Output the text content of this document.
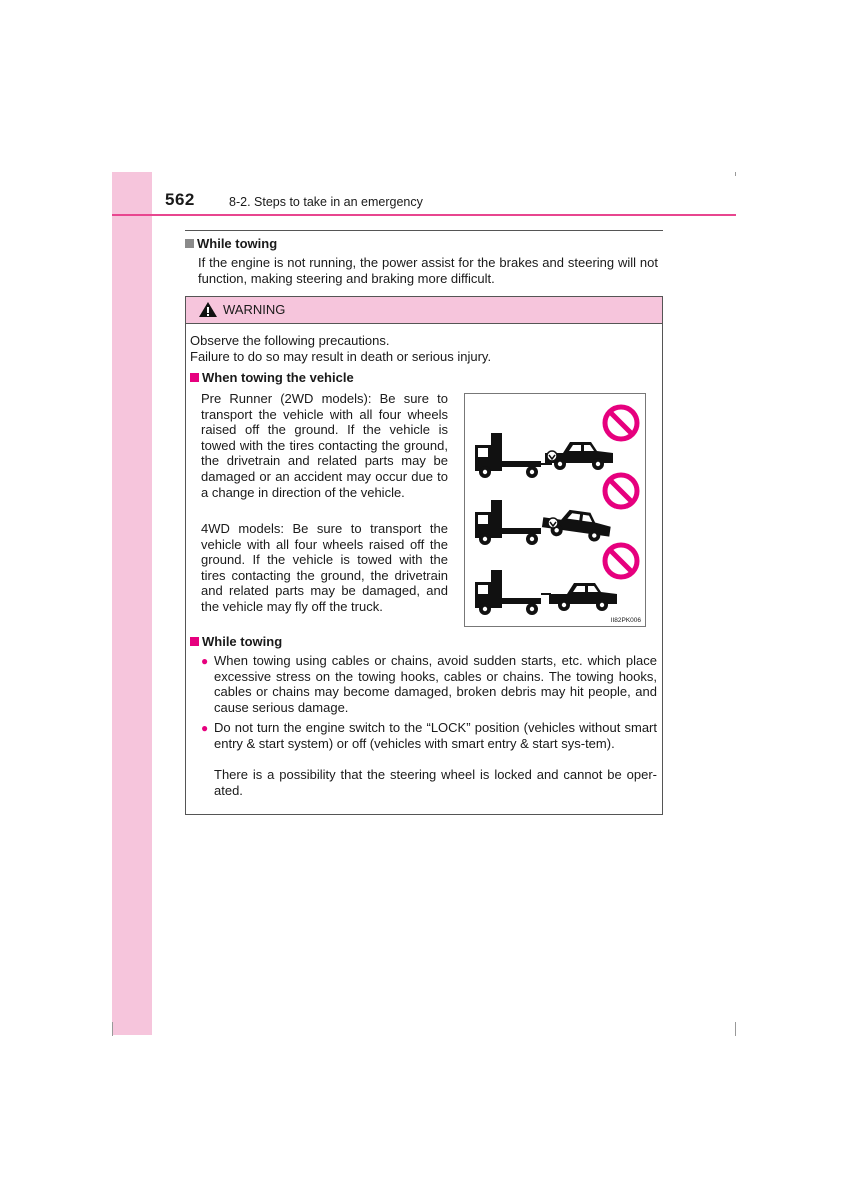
562	8-2. Steps to take in an emergency
While towing
If the engine is not running, the power assist for the brakes and steering will not function, making steering and braking more difficult.
WARNING
Observe the following precautions.
Failure to do so may result in death or serious injury.
When towing the vehicle
Pre Runner (2WD models): Be sure to transport the vehicle with all four wheels raised off the ground. If the vehicle is towed with the tires contacting the ground, the drivetrain and related parts may be damaged or an accident may occur due to a change in direction of the vehicle.
4WD models: Be sure to transport the vehicle with all four wheels raised off the ground. If the vehicle is towed with the tires contacting the ground, the drivetrain and related parts may be damaged, and the vehicle may fly off the truck.
II82PK006
While towing
● When towing using cables or chains, avoid sudden starts, etc. which place excessive stress on the towing hooks, cables or chains. The towing hooks, cables or chains may become damaged, broken debris may hit people, and cause serious damage.
● Do not turn the engine switch to the “LOCK” position (vehicles without smart entry & start system) or off (vehicles with smart entry & start sys-tem).
There is a possibility that the steering wheel is locked and cannot be oper-ated.
